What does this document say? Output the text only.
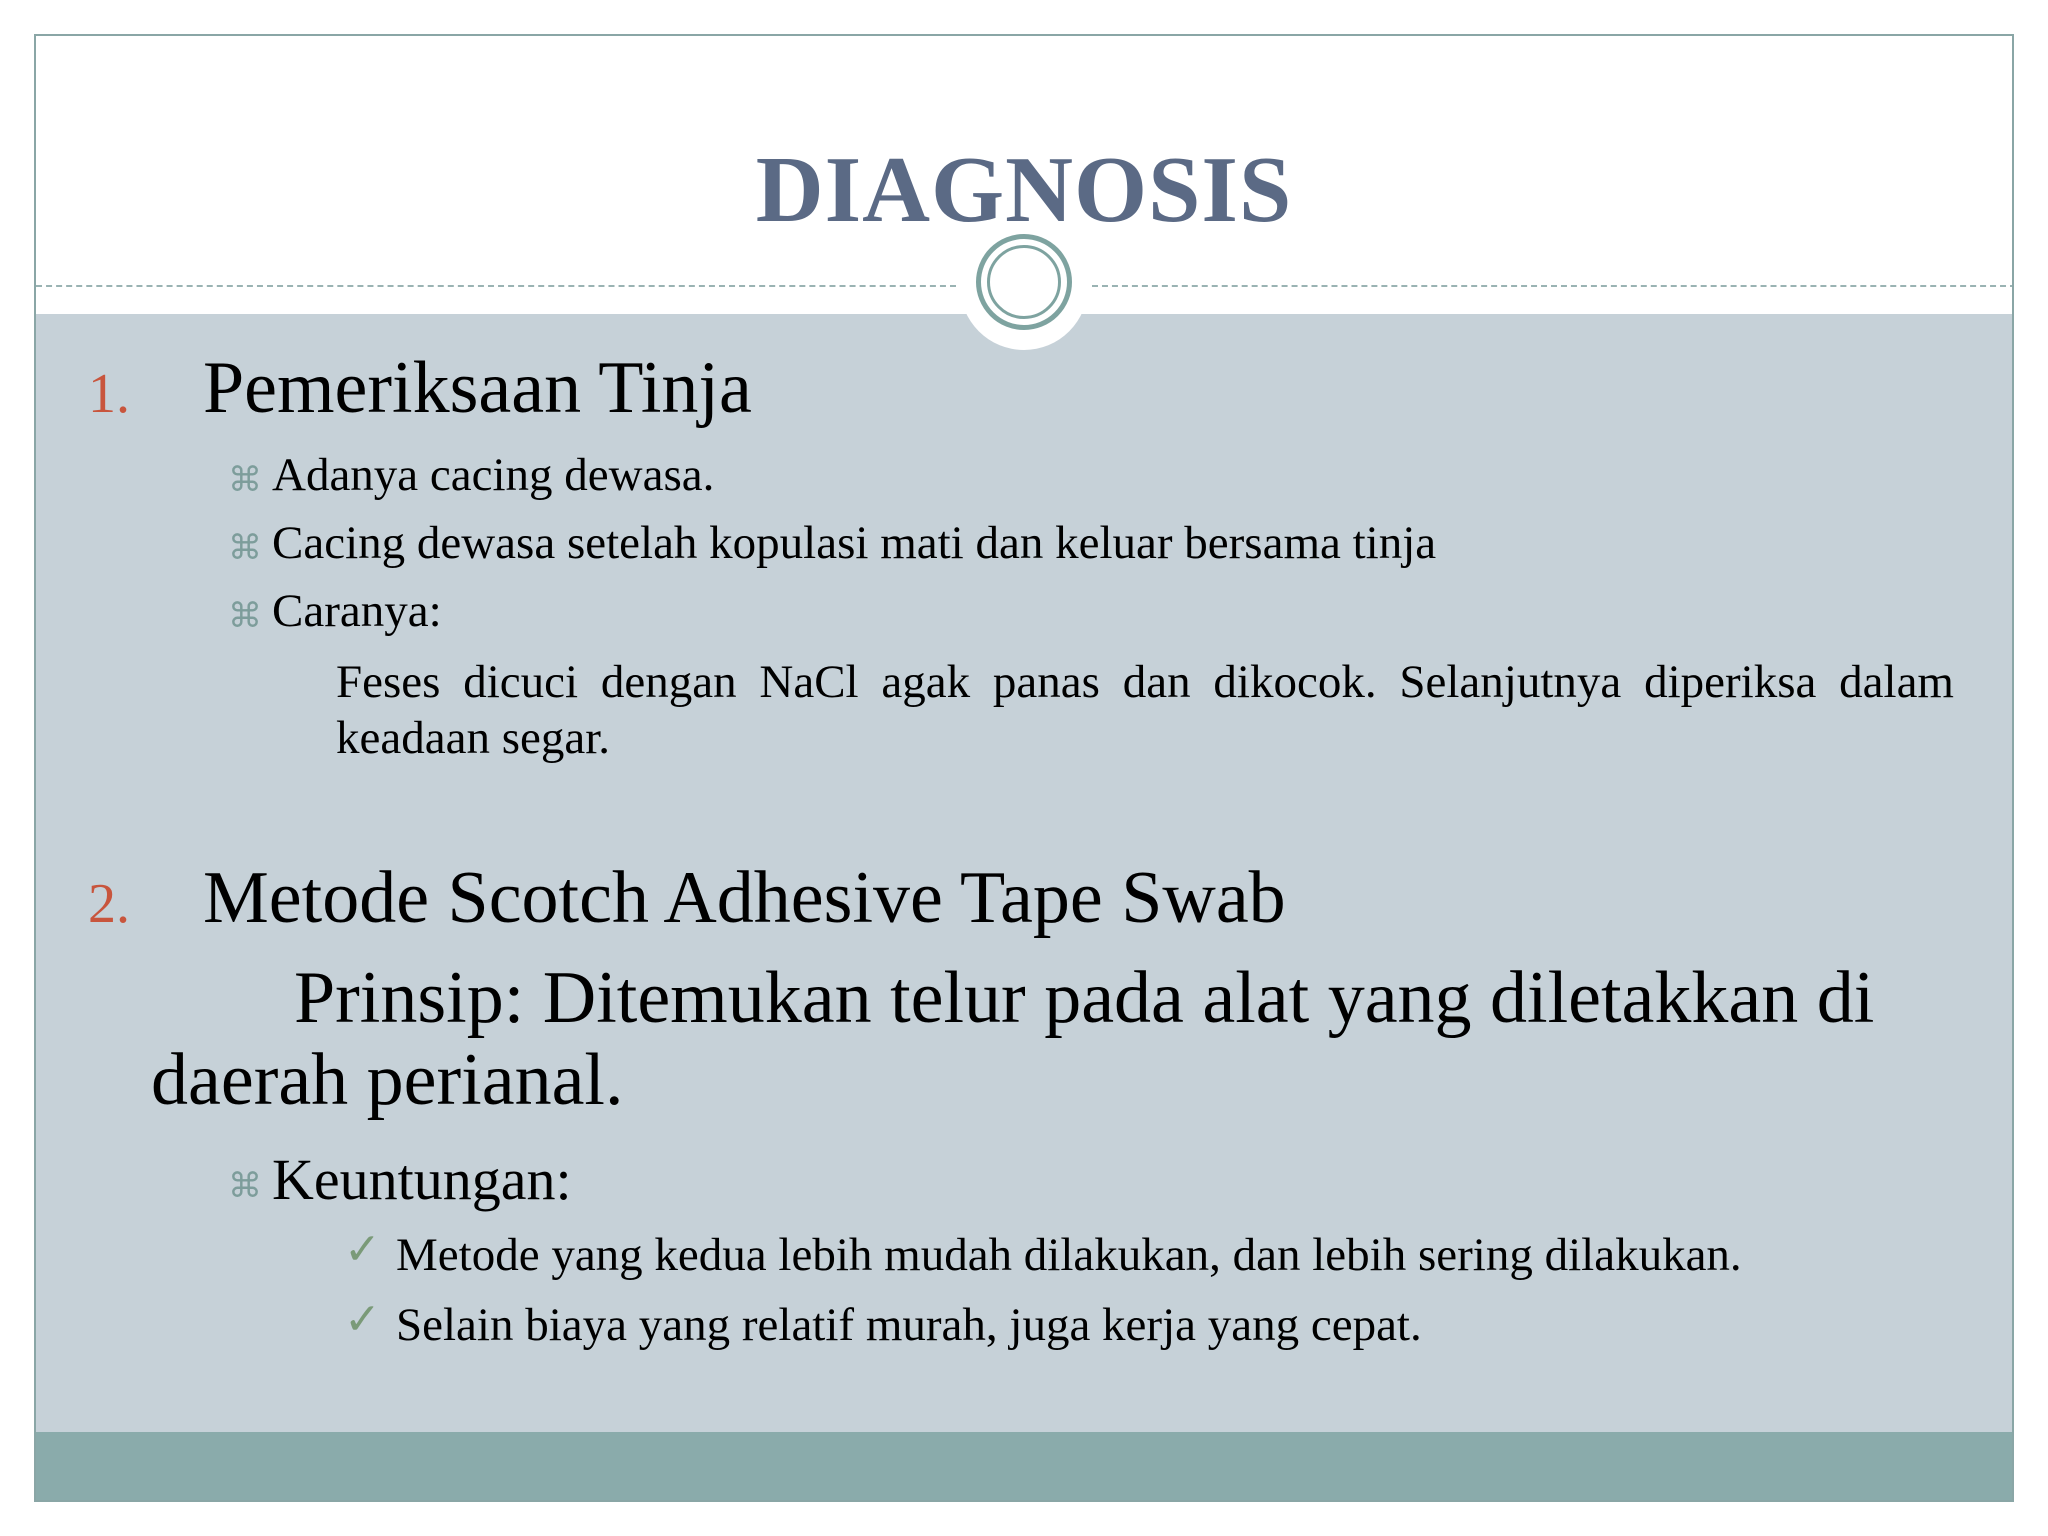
DIAGNOSIS
1. Pemeriksaan Tinja
⌘ Adanya cacing dewasa.
⌘ Cacing dewasa setelah kopulasi mati dan keluar bersama tinja
⌘ Caranya:
Feses dicuci dengan NaCl agak panas dan dikocok. Selanjutnya diperiksa dalam keadaan segar.
2. Metode Scotch Adhesive Tape Swab
Prinsip: Ditemukan telur pada alat yang diletakkan di
daerah perianal.
⌘ Keuntungan:
✓ Metode yang kedua lebih mudah dilakukan, dan lebih sering dilakukan.
✓ Selain biaya yang relatif murah, juga kerja yang cepat.
